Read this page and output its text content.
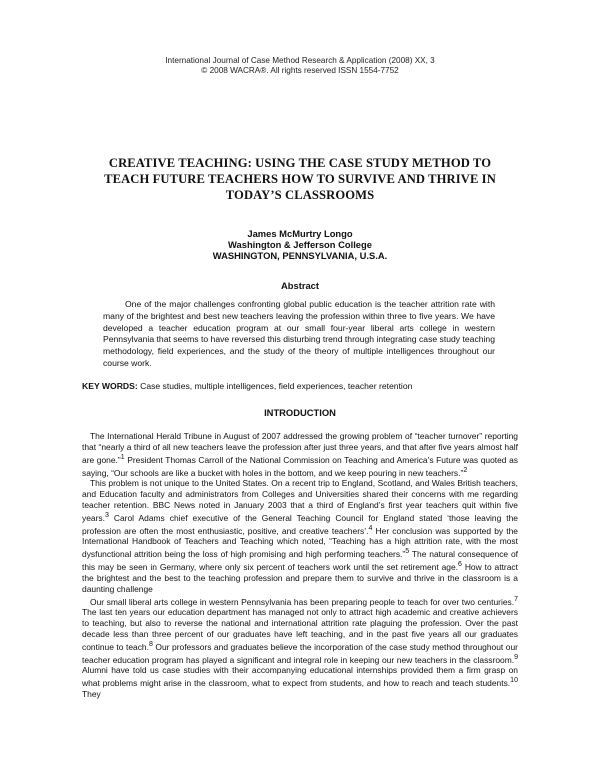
International Journal of Case Method Research & Application (2008) XX, 3
© 2008 WACRA®. All rights reserved ISSN 1554-7752
CREATIVE TEACHING: USING THE CASE STUDY METHOD TO
TEACH FUTURE TEACHERS HOW TO SURVIVE AND THRIVE IN
TODAY’S CLASSROOMS
James McMurtry Longo
Washington & Jefferson College
WASHINGTON, PENNSYLVANIA, U.S.A.
Abstract

One of the major challenges confronting global public education is the teacher attrition rate with many of the brightest and best new teachers leaving the profession within three to five years. We have developed a teacher education program at our small four-year liberal arts college in western Pennsylvania that seems to have reversed this disturbing trend through integrating case study teaching methodology, field experiences, and the study of the theory of multiple intelligences throughout our course work.

KEY WORDS: Case studies, multiple intelligences, field experiences, teacher retention

INTRODUCTION

The International Herald Tribune in August of 2007 addressed the growing problem of “teacher turnover” reporting that “nearly a third of all new teachers leave the profession after just three years, and that after five years almost half are gone.”$^1$ President Thomas Carroll of the National Commission on Teaching and America’s Future was quoted as saying, “Our schools are like a bucket with holes in the bottom, and we keep pouring in new teachers.”$^2$

This problem is not unique to the United States. On a recent trip to England, Scotland, and Wales British teachers, and Education faculty and administrators from Colleges and Universities shared their concerns with me regarding teacher retention. BBC News noted in January 2003 that a third of England’s first year teachers quit within five years.$^3$ Carol Adams chief executive of the General Teaching Council for England stated ‘those leaving the profession are often the most enthusiastic, positive, and creative teachers’.$^4$ Her conclusion was supported by the International Handbook of Teachers and Teaching which noted, “Teaching has a high attrition rate, with the most dysfunctional attrition being the loss of high promising and high performing teachers.”$^5$ The natural consequence of this may be seen in Germany, where only six percent of teachers work until the set retirement age.$^6$ How to attract the brightest and the best to the teaching profession and prepare them to survive and thrive in the classroom is a daunting challenge

Our small liberal arts college in western Pennsylvania has been preparing people to teach for over two centuries.$^7$ The last ten years our education department has managed not only to attract high academic and creative achievers to teaching, but also to reverse the national and international attrition rate plaguing the profession. Over the past decade less than three percent of our graduates have left teaching, and in the past five years all our graduates continue to teach.$^8$ Our professors and graduates believe the incorporation of the case study method throughout our teacher education program has played a significant and integral role in keeping our new teachers in the classroom.$^9$ Alumni have told us case studies with their accompanying educational internships provided them a firm grasp on what problems might arise in the classroom, what to expect from students, and how to reach and teach students.$^{10}$ They
